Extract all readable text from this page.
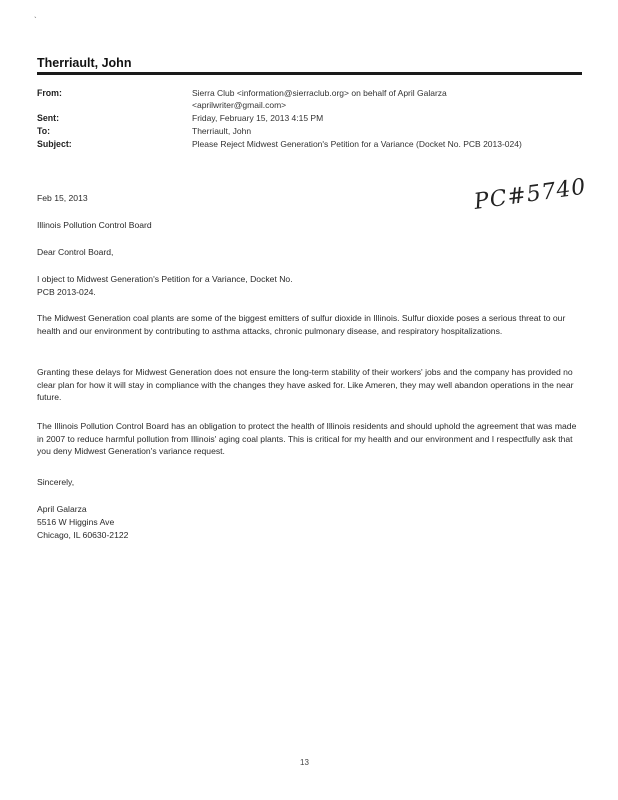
`
Therriault, John
From:	Sierra Club <information@sierraclub.org> on behalf of April Galarza
<aprilwriter@gmail.com>
Sent:	Friday, February 15, 2013 4:15 PM
To:	Therriault, John
Subject:	Please Reject Midwest Generation's Petition for a Variance (Docket No. PCB 2013-024)
PC#5740
Feb 15, 2013
Illinois Pollution Control Board
Dear Control Board,
I object to Midwest Generation's Petition for a Variance, Docket No.
PCB 2013-024.
The Midwest Generation coal plants are some of the biggest emitters of sulfur dioxide in Illinois. Sulfur dioxide poses a serious threat to our health and our environment by contributing to asthma attacks, chronic pulmonary disease, and respiratory hospitalizations.
Granting these delays for Midwest Generation does not ensure the long-term stability of their workers' jobs and the company has provided no clear plan for how it will stay in compliance with the changes they have asked for. Like Ameren, they may well abandon operations in the near future.
The Illinois Pollution Control Board has an obligation to protect the health of Illinois residents and should uphold the agreement that was made in 2007 to reduce harmful pollution from Illinois' aging coal plants. This is critical for my health and our environment and I respectfully ask that you deny Midwest Generation's variance request.
Sincerely,
April Galarza
5516 W Higgins Ave
Chicago, IL 60630-2122
13
